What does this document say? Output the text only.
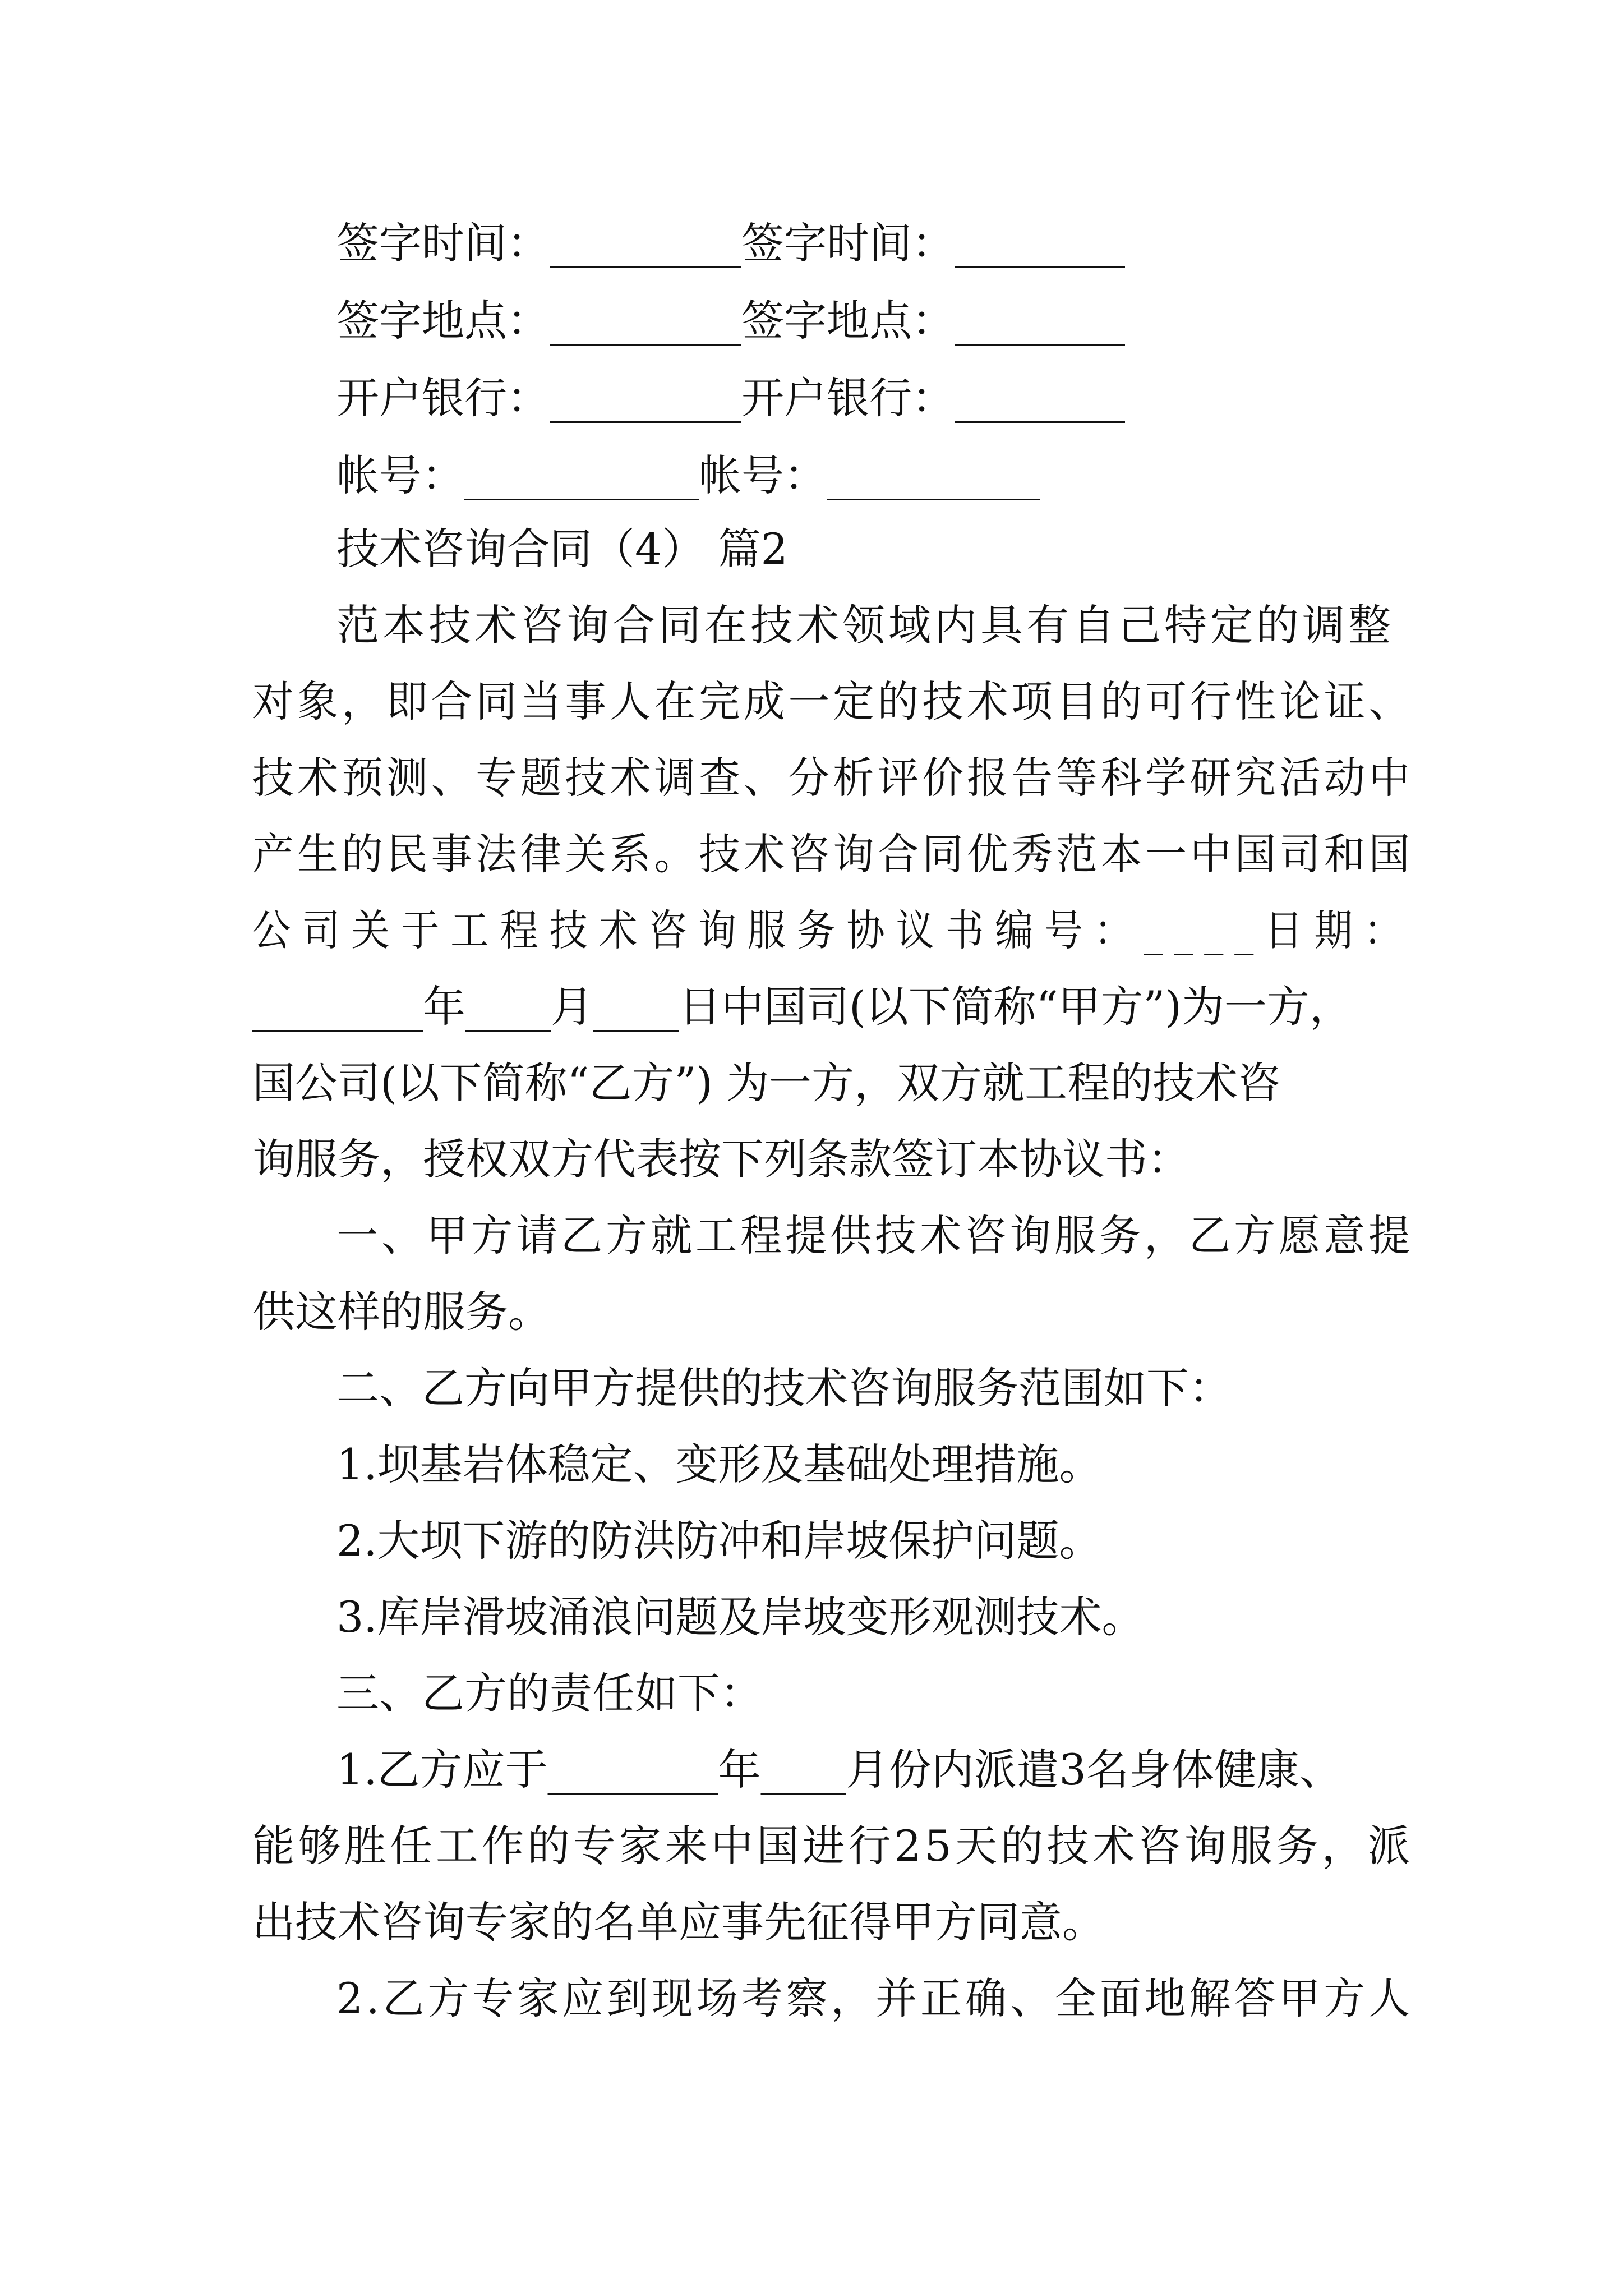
签字时间：_________签字时间：________
签字地点：_________签字地点：________
开户银行：_________开户银行：________
帐号：___________帐号：__________
技术咨询合同（4） 篇2
范本技术咨询合同在技术领域内具有自己特定的调整
对象，即合同当事人在完成一定的技术项目的可行性论证、
技术预测、专题技术调查、分析评价报告等科学研究活动中
产生的民事法律关系。技术咨询合同优秀范本一中国司和国
公司关于工程技术咨询服务协议书编号：____日期：
________年____月____日中国司(以下简称“甲方”)为一方，
国公司(以下简称“乙方”) 为一方，双方就工程的技术咨
询服务，授权双方代表按下列条款签订本协议书：
一、甲方请乙方就工程提供技术咨询服务，乙方愿意提
供这样的服务。
二、乙方向甲方提供的技术咨询服务范围如下：
1.坝基岩体稳定、变形及基础处理措施。
2.大坝下游的防洪防冲和岸坡保护问题。
3.库岸滑坡涌浪问题及岸坡变形观测技术。
三、乙方的责任如下：
1.乙方应于________年____月份内派遣3名身体健康、
能够胜任工作的专家来中国进行25天的技术咨询服务，派
出技术咨询专家的名单应事先征得甲方同意。
2.乙方专家应到现场考察，并正确、全面地解答甲方人
